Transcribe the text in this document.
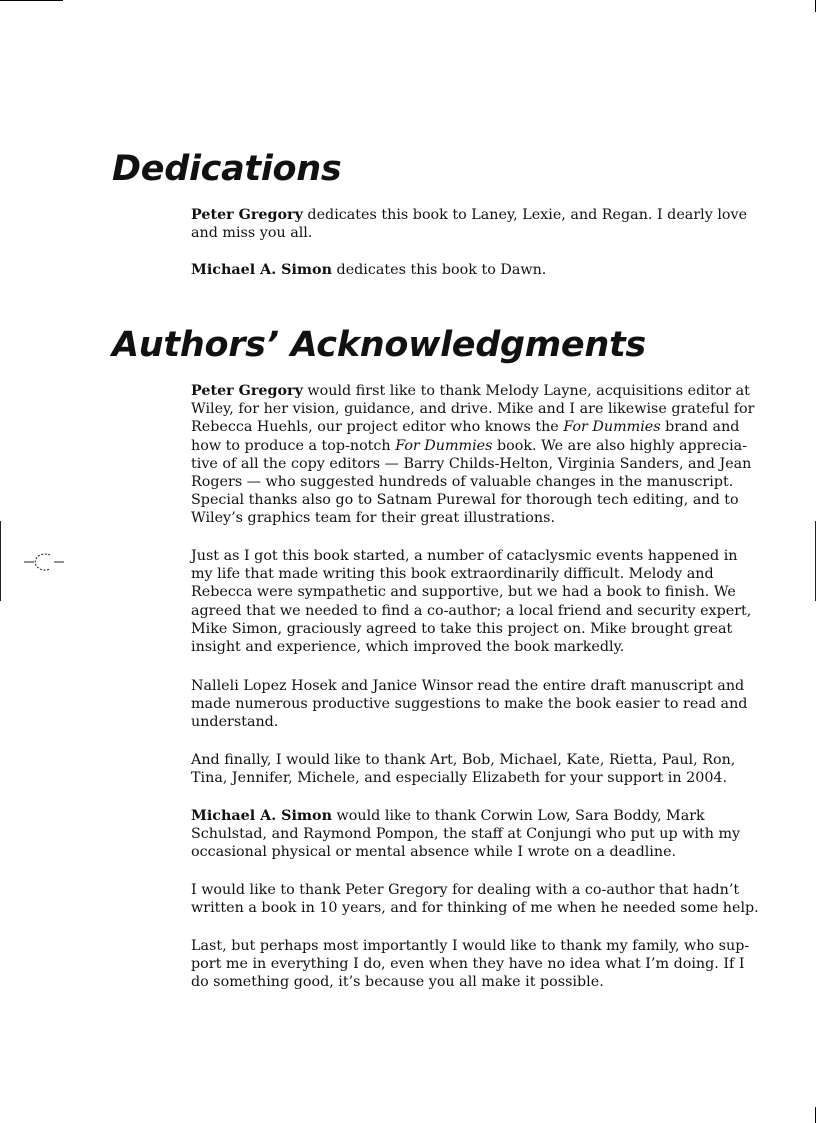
Dedications

Peter Gregory dedicates this book to Laney, Lexie, and Regan. I dearly love
and miss you all.

Michael A. Simon dedicates this book to Dawn.

Authors’ Acknowledgments

Peter Gregory would first like to thank Melody Layne, acquisitions editor at
Wiley, for her vision, guidance, and drive. Mike and I are likewise grateful for
Rebecca Huehls, our project editor who knows the For Dummies brand and
how to produce a top-notch For Dummies book. We are also highly apprecia-
tive of all the copy editors — Barry Childs-Helton, Virginia Sanders, and Jean
Rogers — who suggested hundreds of valuable changes in the manuscript.
Special thanks also go to Satnam Purewal for thorough tech editing, and to
Wiley’s graphics team for their great illustrations.

Just as I got this book started, a number of cataclysmic events happened in
my life that made writing this book extraordinarily difficult. Melody and
Rebecca were sympathetic and supportive, but we had a book to finish. We
agreed that we needed to find a co-author; a local friend and security expert,
Mike Simon, graciously agreed to take this project on. Mike brought great
insight and experience, which improved the book markedly.

Nalleli Lopez Hosek and Janice Winsor read the entire draft manuscript and
made numerous productive suggestions to make the book easier to read and
understand.

And finally, I would like to thank Art, Bob, Michael, Kate, Rietta, Paul, Ron,
Tina, Jennifer, Michele, and especially Elizabeth for your support in 2004.

Michael A. Simon would like to thank Corwin Low, Sara Boddy, Mark
Schulstad, and Raymond Pompon, the staff at Conjungi who put up with my
occasional physical or mental absence while I wrote on a deadline.

I would like to thank Peter Gregory for dealing with a co-author that hadn’t
written a book in 10 years, and for thinking of me when he needed some help.

Last, but perhaps most importantly I would like to thank my family, who sup-
port me in everything I do, even when they have no idea what I’m doing. If I
do something good, it’s because you all make it possible.
